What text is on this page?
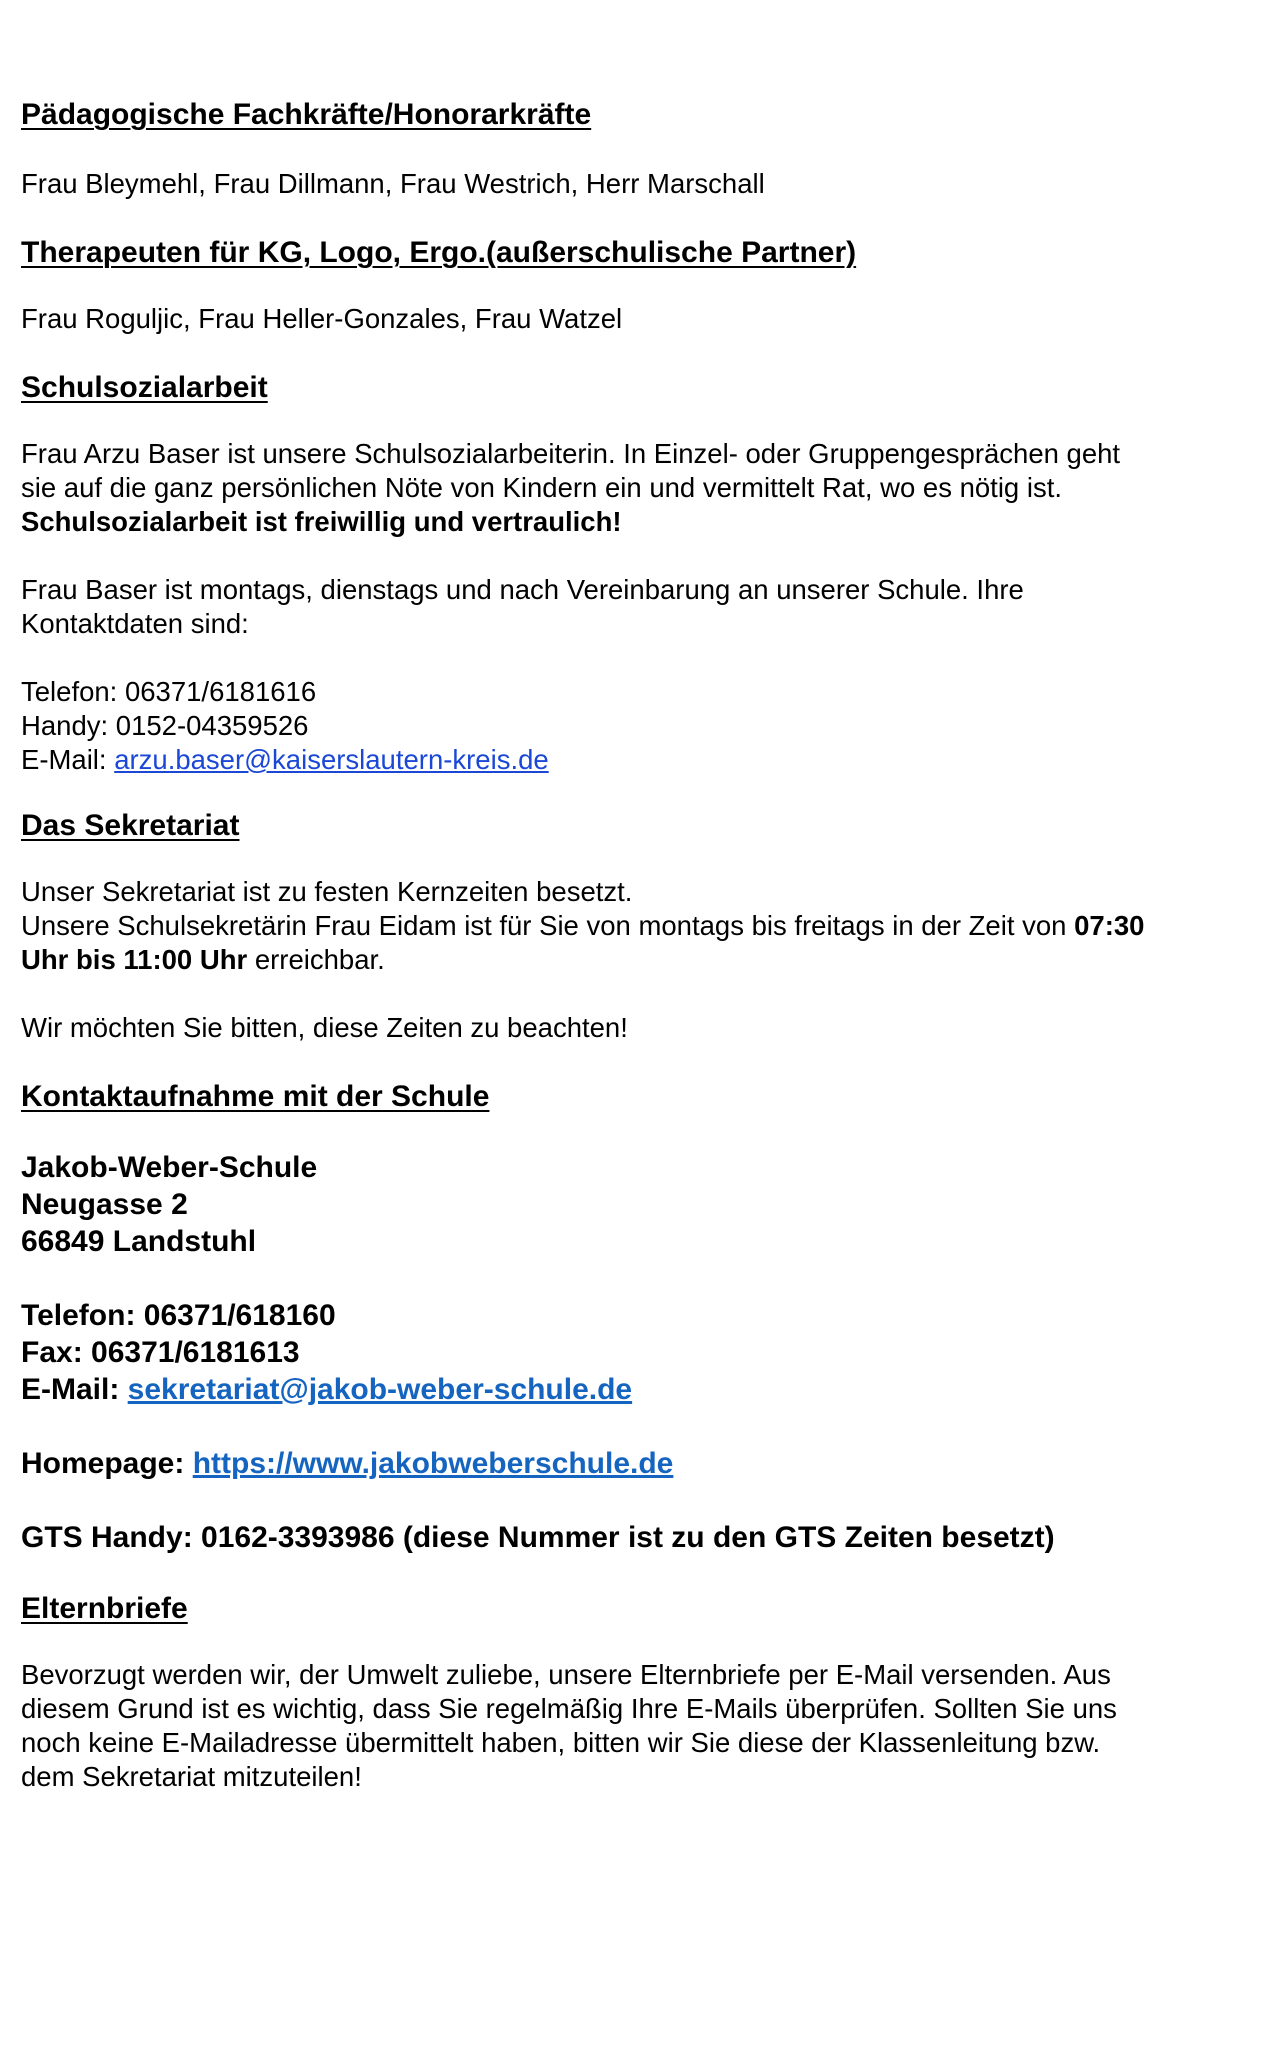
Pädagogische Fachkräfte/Honorarkräfte

Frau Bleymehl, Frau Dillmann, Frau Westrich, Herr Marschall

Therapeuten für KG, Logo, Ergo.(außerschulische Partner)

Frau Roguljic, Frau Heller-Gonzales, Frau Watzel

Schulsozialarbeit

Frau Arzu Baser ist unsere Schulsozialarbeiterin. In Einzel- oder Gruppengesprächen geht

sie auf die ganz persönlichen Nöte von Kindern ein und vermittelt Rat, wo es nötig ist.

Schulsozialarbeit ist freiwillig und vertraulich!

Frau Baser ist montags, dienstags und nach Vereinbarung an unserer Schule. Ihre

Kontaktdaten sind:

Telefon: 06371/6181616

Handy: 0152-04359526

E-Mail: arzu.baser@kaiserslautern-kreis.de

Das Sekretariat

Unser Sekretariat ist zu festen Kernzeiten besetzt.

Unsere Schulsekretärin Frau Eidam ist für Sie von montags bis freitags in der Zeit von 07:30

Uhr bis 11:00 Uhr erreichbar.

Wir möchten Sie bitten, diese Zeiten zu beachten!

Kontaktaufnahme mit der Schule

Jakob-Weber-Schule

Neugasse 2

66849 Landstuhl

Telefon: 06371/618160

Fax: 06371/6181613

E-Mail: sekretariat@jakob-weber-schule.de

Homepage: https://www.jakobweberschule.de

GTS Handy: 0162-3393986 (diese Nummer ist zu den GTS Zeiten besetzt)

Elternbriefe

Bevorzugt werden wir, der Umwelt zuliebe, unsere Elternbriefe per E-Mail versenden. Aus

diesem Grund ist es wichtig, dass Sie regelmäßig Ihre E-Mails überprüfen. Sollten Sie uns

noch keine E-Mailadresse übermittelt haben, bitten wir Sie diese der Klassenleitung bzw.

dem Sekretariat mitzuteilen!
